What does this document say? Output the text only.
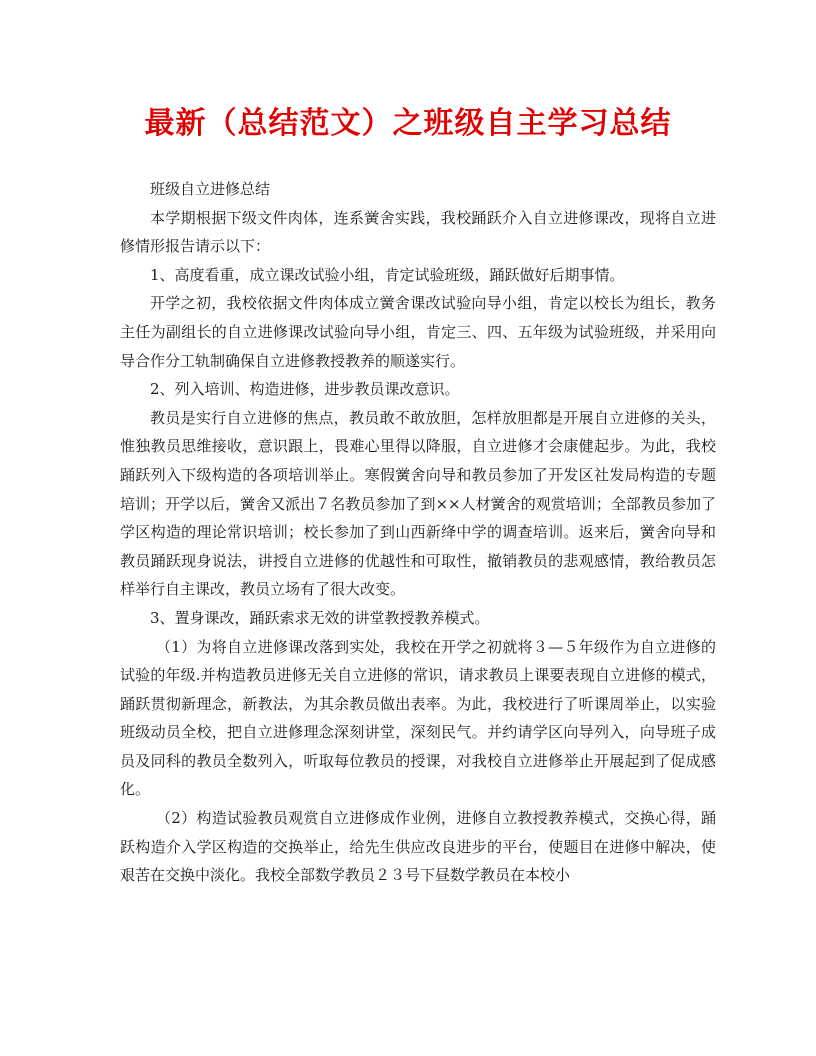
最新（总结范文）之班级自主学习总结

班级自立进修总结

本学期根据下级文件肉体，连系黉舍实践，我校踊跃介入自立进修课改，现将自立进修情形报告请示以下：

1、高度看重，成立课改试验小组，肯定试验班级，踊跃做好后期事情。

开学之初，我校依据文件肉体成立黉舍课改试验向导小组，肯定以校长为组长，教务主任为副组长的自立进修课改试验向导小组，肯定三、四、五年级为试验班级，并采用向导合作分工轨制确保自立进修教授教养的顺遂实行。

2、列入培训、构造进修，进步教员课改意识。

教员是实行自立进修的焦点，教员敢不敢放胆，怎样放胆都是开展自立进修的关头，惟独教员思维接收，意识跟上，畏难心里得以降服，自立进修才会康健起步。为此，我校踊跃列入下级构造的各项培训举止。寒假黉舍向导和教员参加了开发区社发局构造的专题培训；开学以后，黉舍又派出７名教员参加了到××人材黉舍的观赏培训；全部教员参加了学区构造的理论常识培训；校长参加了到山西新绛中学的调查培训。返来后，黉舍向导和教员踊跃现身说法，讲授自立进修的优越性和可取性，撤销教员的悲观感情，教给教员怎样举行自主课改，教员立场有了很大改变。

3、置身课改，踊跃索求无效的讲堂教授教养模式。

（1）为将自立进修课改落到实处，我校在开学之初就将３—５年级作为自立进修的试验的年级.并构造教员进修无关自立进修的常识，请求教员上课要表现自立进修的模式，踊跃贯彻新理念，新教法，为其余教员做出表率。为此，我校进行了听课周举止，以实验班级动员全校，把自立进修理念深刻讲堂，深刻民气。并约请学区向导列入，向导班子成员及同科的教员全数列入，听取每位教员的授课，对我校自立进修举止开展起到了促成感化。

（2）构造试验教员观赏自立进修成作业例，进修自立教授教养模式，交换心得，踊跃构造介入学区构造的交换举止，给先生供应改良进步的平台，使题目在进修中解决，使艰苦在交换中淡化。我校全部数学教员２３号下昼数学教员在本校小
